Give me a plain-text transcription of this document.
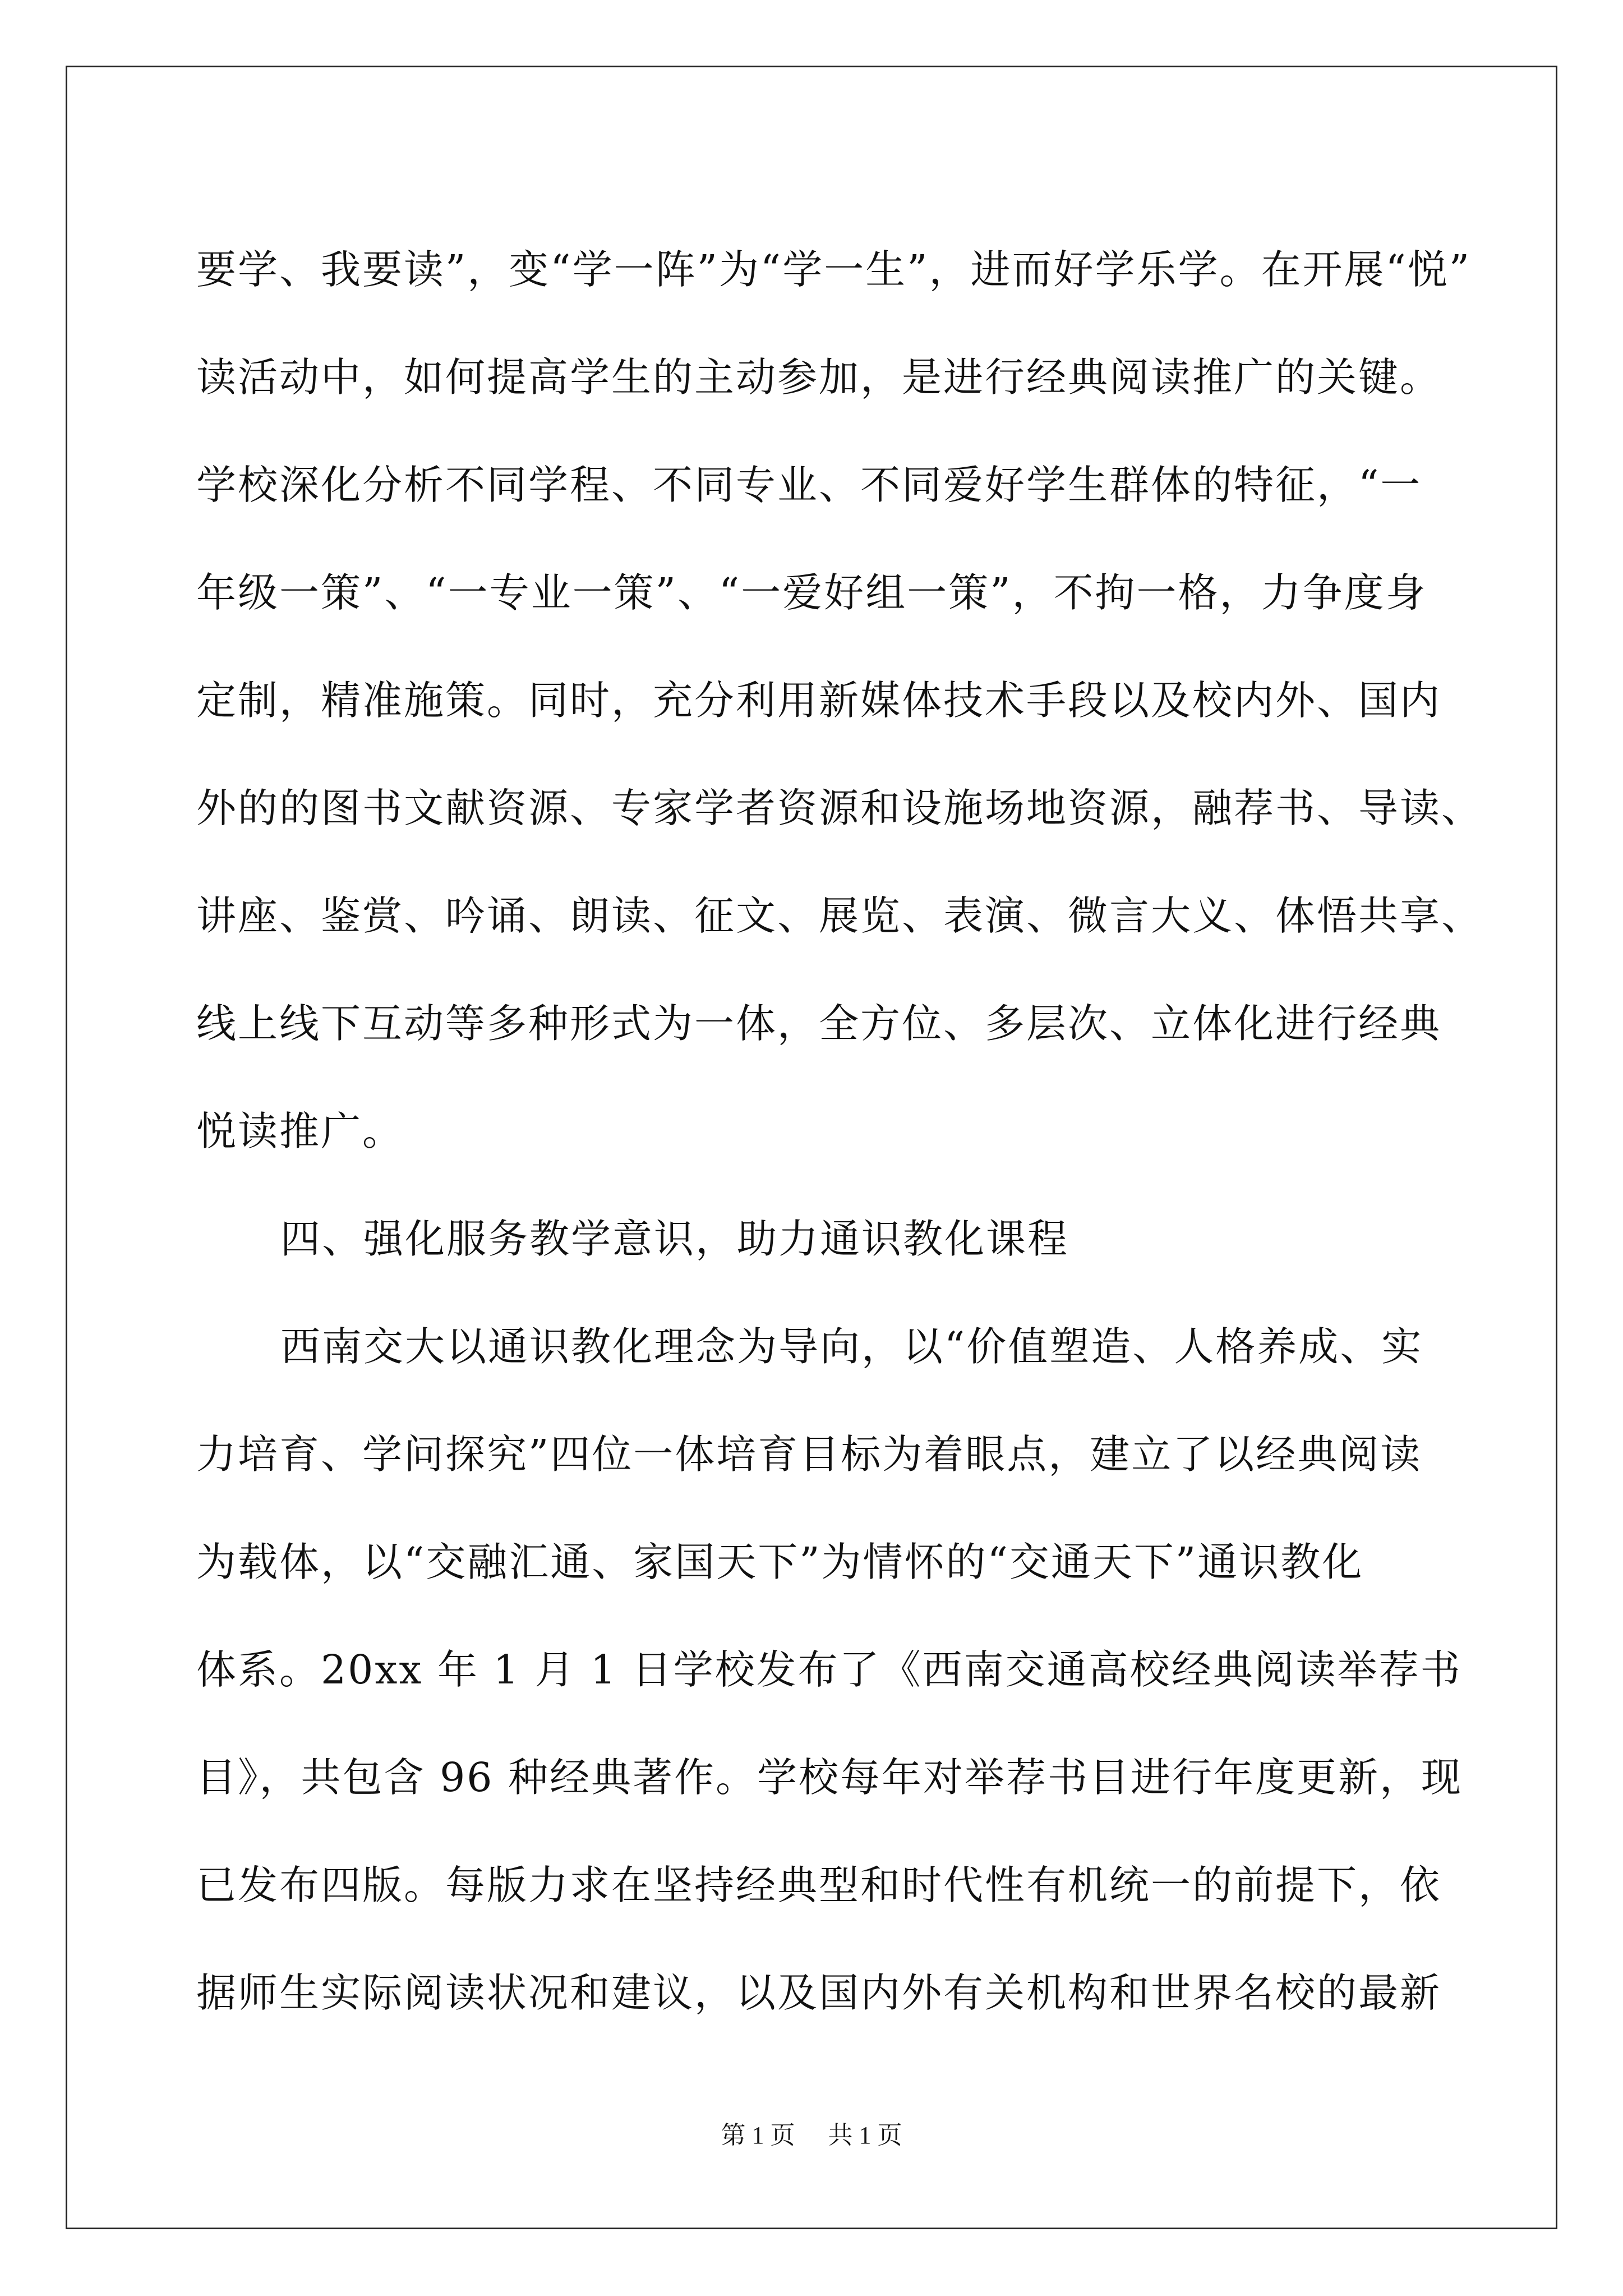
要学、我要读”，变“学一阵”为“学一生”，进而好学乐学。在开展“悦”
读活动中，如何提高学生的主动参加，是进行经典阅读推广的关键。
学校深化分析不同学程、不同专业、不同爱好学生群体的特征，“一
年级一策”、“一专业一策”、“一爱好组一策”，不拘一格，力争度身
定制，精准施策。同时，充分利用新媒体技术手段以及校内外、国内
外的的图书文献资源、专家学者资源和设施场地资源，融荐书、导读、
讲座、鉴赏、吟诵、朗读、征文、展览、表演、微言大义、体悟共享、
线上线下互动等多种形式为一体，全方位、多层次、立体化进行经典
悦读推广。
四、强化服务教学意识，助力通识教化课程
西南交大以通识教化理念为导向，以“价值塑造、人格养成、实
力培育、学问探究”四位一体培育目标为着眼点，建立了以经典阅读
为载体，以“交融汇通、家国天下”为情怀的“交通天下”通识教化
体系。20xx 年 1 月 1 日学校发布了《西南交通高校经典阅读举荐书
目》，共包含 96 种经典著作。学校每年对举荐书目进行年度更新，现
已发布四版。每版力求在坚持经典型和时代性有机统一的前提下，依
据师生实际阅读状况和建议，以及国内外有关机构和世界名校的最新
第 1 页 共 1 页
